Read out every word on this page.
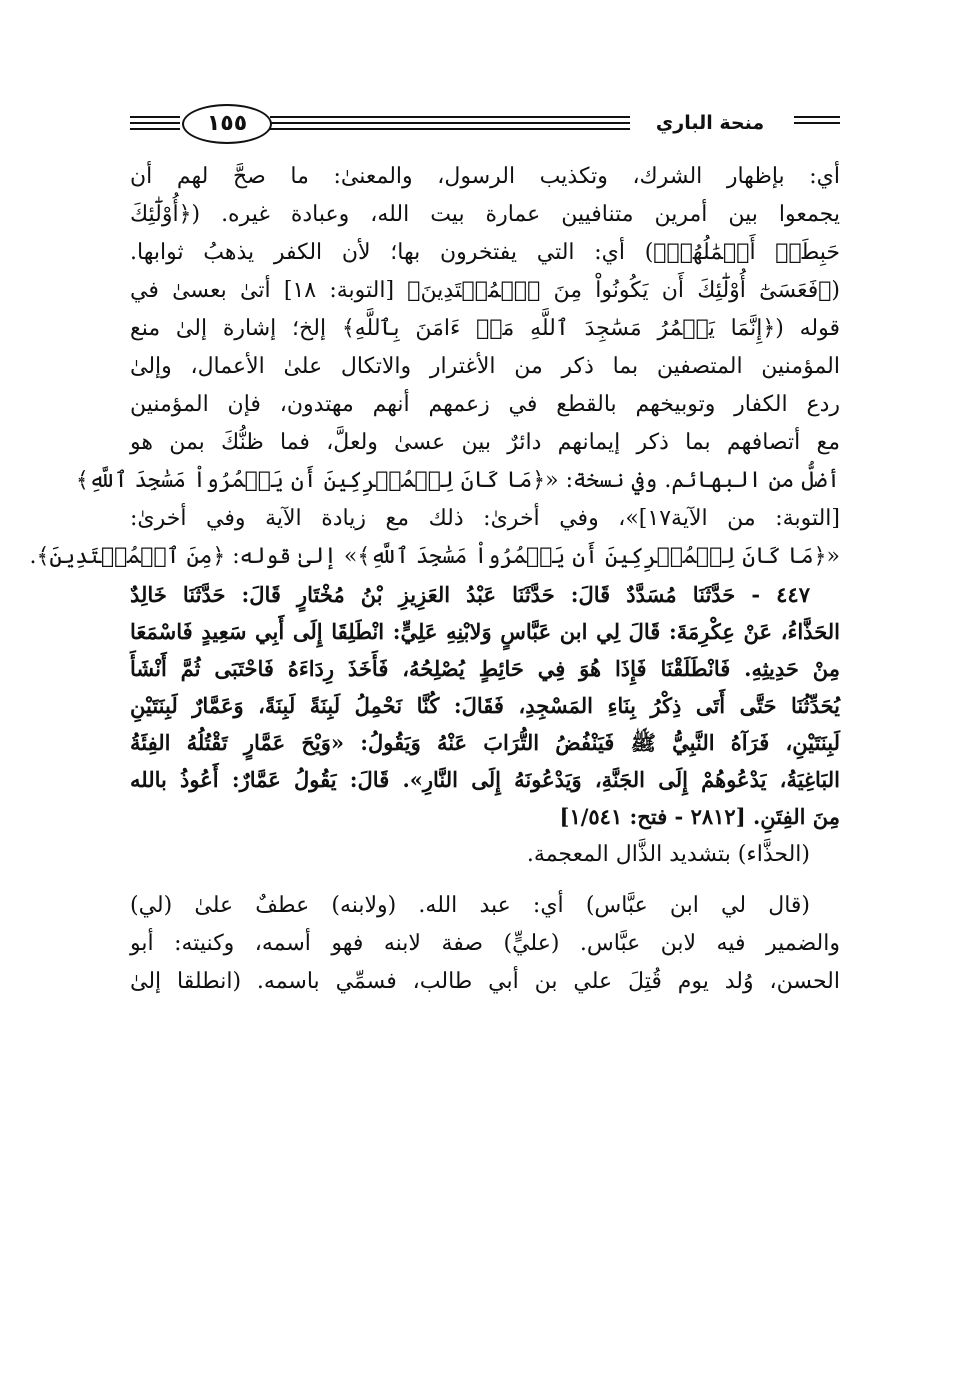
١٥٥	منحة الباري
أي: بإظهار الشرك، وتكذيب الرسول، والمعنىٰ: ما صحَّ لهم أن
يجمعوا بين أمرين متنافيين عمارة بيت الله، وعبادة غيره. (﴿أُوْلَٰٓئِكَ
حَبِطَتۡ أَعۡمَٰلُهُمۡ﴾) أي: التي يفتخرون بها؛ لأن الكفر يذهبُ ثوابها.
(﴿فَعَسَىٰٓ أُوْلَٰٓئِكَ أَن يَكُونُواْ مِنَ ٱلۡمُهۡتَدِينَ﴾ [التوبة: ١٨] أتىٰ بعسىٰ في
قوله (﴿إِنَّمَا يَعۡمُرُ مَسَٰجِدَ ٱللَّهِ مَنۡ ءَامَنَ بِٱللَّهِ﴾ إلخ؛ إشارة إلىٰ منع
المؤمنين المتصفين بما ذكر من الأغترار والاتكال علىٰ الأعمال، وإلىٰ
ردع الكفار وتوبيخهم بالقطع في زعمهم أنهم مهتدون، فإن المؤمنين
مع أتصافهم بما ذكر إيمانهم دائرٌ بين عسىٰ ولعلَّ، فما ظنُّكَ بمن هو
أضلُّ من البهائم. وفي نسخة: «﴿مَا كَانَ لِلۡمُشۡرِكِينَ أَن يَعۡمُرُواْ مَسَٰجِدَ ٱللَّهِ﴾
[التوبة: من الآية١٧]»، وفي أخرىٰ: ذلك مع زيادة الآية وفي أخرىٰ:
«﴿مَا كَانَ لِلۡمُشۡرِكِينَ أَن يَعۡمُرُواْ مَسَٰجِدَ ٱللَّهِ﴾» إلىٰ قوله: ﴿مِنَ ٱلۡمُهۡتَدِينَ﴾.
٤٤٧ - حَدَّثَنَا مُسَدَّدٌ قَالَ: حَدَّثَنَا عَبْدُ العَزِيزِ بْنُ مُخْتَارٍ قَالَ: حَدَّثَنَا خَالِدٌ
الحَذَّاءُ، عَنْ عِكْرِمَةَ: قَالَ لِي ابن عَبَّاسٍ وَلابْنِهِ عَلِيٍّ: انْطَلِقَا إِلَى أَبِي سَعِيدٍ فَاسْمَعَا
مِنْ حَدِيثِهِ. فَانْطَلَقْنَا فَإِذَا هُوَ فِي حَائِطٍ يُصْلِحُهُ، فَأَخَذَ رِدَاءَهُ فَاحْتَبَى ثُمَّ أَنْشَأَ
يُحَدِّثُنَا حَتَّى أَتَى ذِكْرُ بِنَاءِ المَسْجِدِ، فَقَالَ: كُنَّا نَحْمِلُ لَبِنَةً لَبِنَةً، وَعَمَّارٌ لَبِنَتَيْنِ
لَبِنَتَيْنِ، فَرَآهُ النَّبِيُّ ﷺ فَيَنْفُضُ التُّرَابَ عَنْهُ وَيَقُولُ: «وَيْحَ عَمَّارٍ تَقْتُلُهُ الفِئَةُ
البَاغِيَةُ، يَدْعُوهُمْ إِلَى الجَنَّةِ، وَيَدْعُونَهُ إِلَى النَّارِ». قَالَ: يَقُولُ عَمَّارٌ: أَعُوذُ بالله
مِنَ الفِتَنِ. [٢٨١٢ - فتح: ١/٥٤١]
(الحذَّاء) بتشديد الذَّال المعجمة.
(قال لي ابن عبَّاس) أي: عبد الله. (ولابنه) عطفٌ علىٰ (لي)
والضمير فيه لابن عبَّاس. (عليٍّ) صفة لابنه فهو أسمه، وكنيته: أبو
الحسن، وُلد يوم قُتِلَ علي بن أبي طالب، فسمِّي باسمه. (انطلقا إلىٰ
